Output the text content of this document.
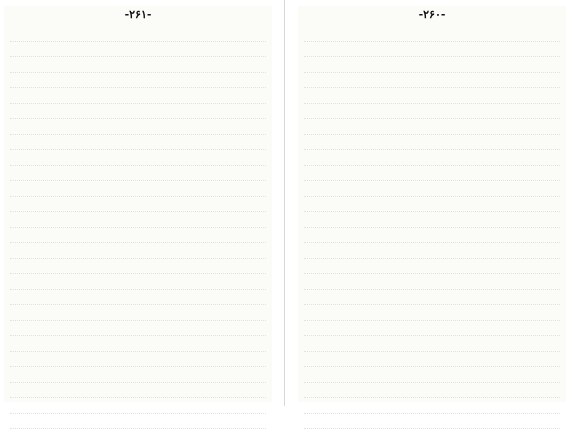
-۲۶۱-	-۲۶۰-
